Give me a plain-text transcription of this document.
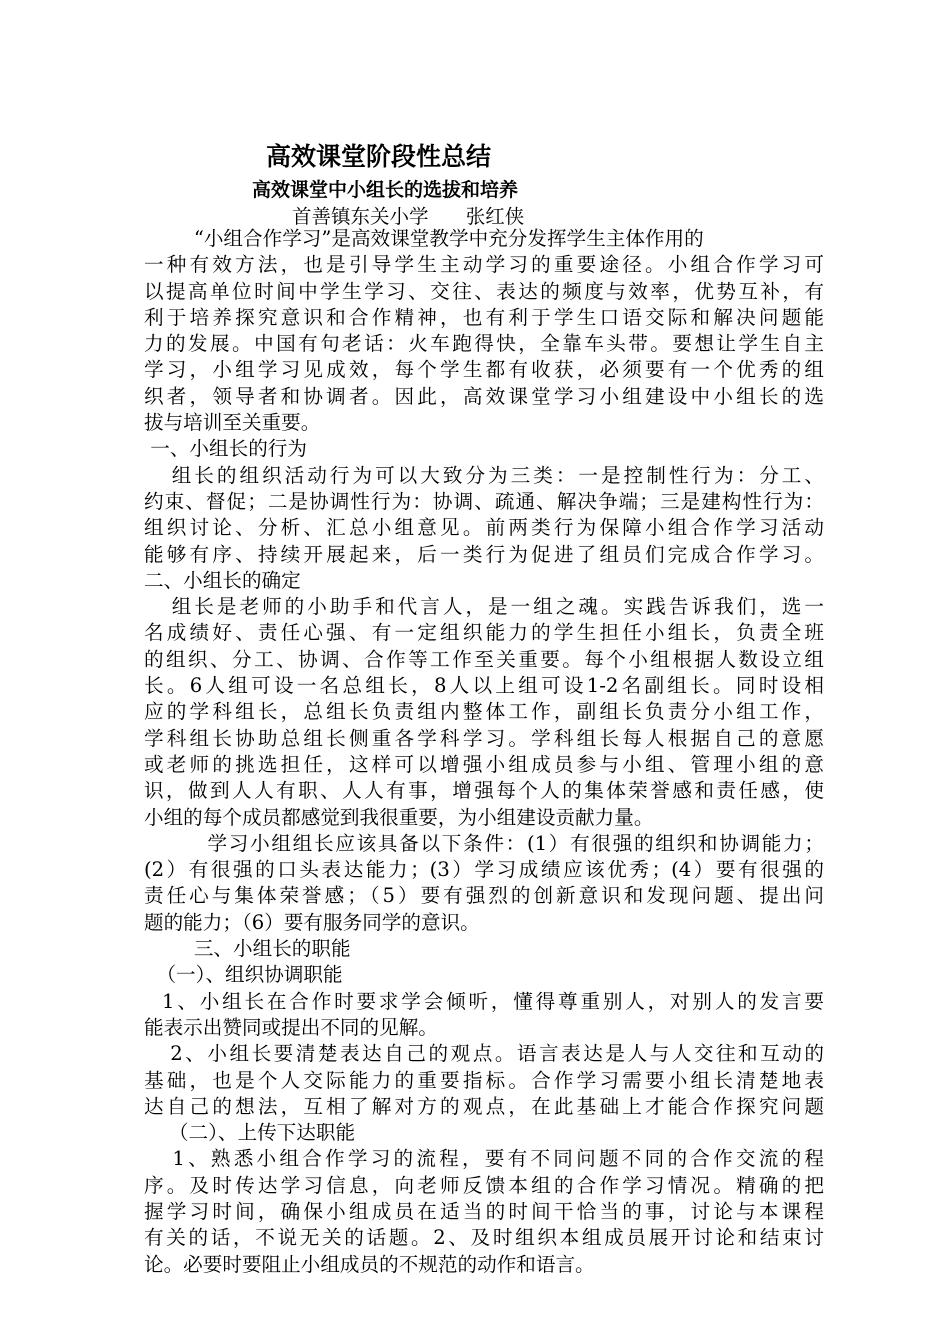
高效课堂阶段性总结
高效课堂中小组长的选拔和培养
首善镇东关小学      张红侠
“小组合作学习”是高效课堂教学中充分发挥学生主体作用的
一种有效方法，也是引导学生主动学习的重要途径。小组合作学习可
以提高单位时间中学生学习、交往、表达的频度与效率，优势互补，有
利于培养探究意识和合作精神，也有利于学生口语交际和解决问题能
力的发展。中国有句老话：火车跑得快，全靠车头带。要想让学生自主
学习，小组学习见成效，每个学生都有收获，必须要有一个优秀的组
织者，领导者和协调者。因此，高效课堂学习小组建设中小组长的选
拔与培训至关重要。
一、小组长的行为
组长的组织活动行为可以大致分为三类：一是控制性行为：分工、
约束、督促；二是协调性行为：协调、疏通、解决争端；三是建构性行为：
组织讨论、分析、汇总小组意见。前两类行为保障小组合作学习活动
能够有序、持续开展起来，后一类行为促进了组员们完成合作学习。
二、小组长的确定
组长是老师的小助手和代言人，是一组之魂。实践告诉我们，选一
名成绩好、责任心强、有一定组织能力的学生担任小组长，负责全班
的组织、分工、协调、合作等工作至关重要。每个小组根据人数设立组
长。6人组可设一名总组长，8人以上组可设1-2名副组长。同时设相
应的学科组长，总组长负责组内整体工作，副组长负责分小组工作，
学科组长协助总组长侧重各学科学习。学科组长每人根据自己的意愿
或老师的挑选担任，这样可以增强小组成员参与小组、管理小组的意
识，做到人人有职、人人有事，增强每个人的集体荣誉感和责任感，使
小组的每个成员都感觉到我很重要，为小组建设贡献力量。
学习小组组长应该具备以下条件：(1）有很强的组织和协调能力；
(2）有很强的口头表达能力；(3）学习成绩应该优秀；(4）要有很强的
责任心与集体荣誉感；（5）要有强烈的创新意识和发现问题、提出问
题的能力；（6）要有服务同学的意识。
三、小组长的职能
（一）、组织协调职能
1、小组长在合作时要求学会倾听，懂得尊重别人，对别人的发言要
能表示出赞同或提出不同的见解。
2、小组长要清楚表达自己的观点。语言表达是人与人交往和互动的
基础，也是个人交际能力的重要指标。合作学习需要小组长清楚地表
达自己的想法，互相了解对方的观点，在此基础上才能合作探究问题
（二）、上传下达职能
1、熟悉小组合作学习的流程，要有不同问题不同的合作交流的程
序。及时传达学习信息，向老师反馈本组的合作学习情况。精确的把
握学习时间，确保小组成员在适当的时间干恰当的事，讨论与本课程
有关的话，不说无关的话题。2、及时组织本组成员展开讨论和结束讨
论。必要时要阻止小组成员的不规范的动作和语言。
